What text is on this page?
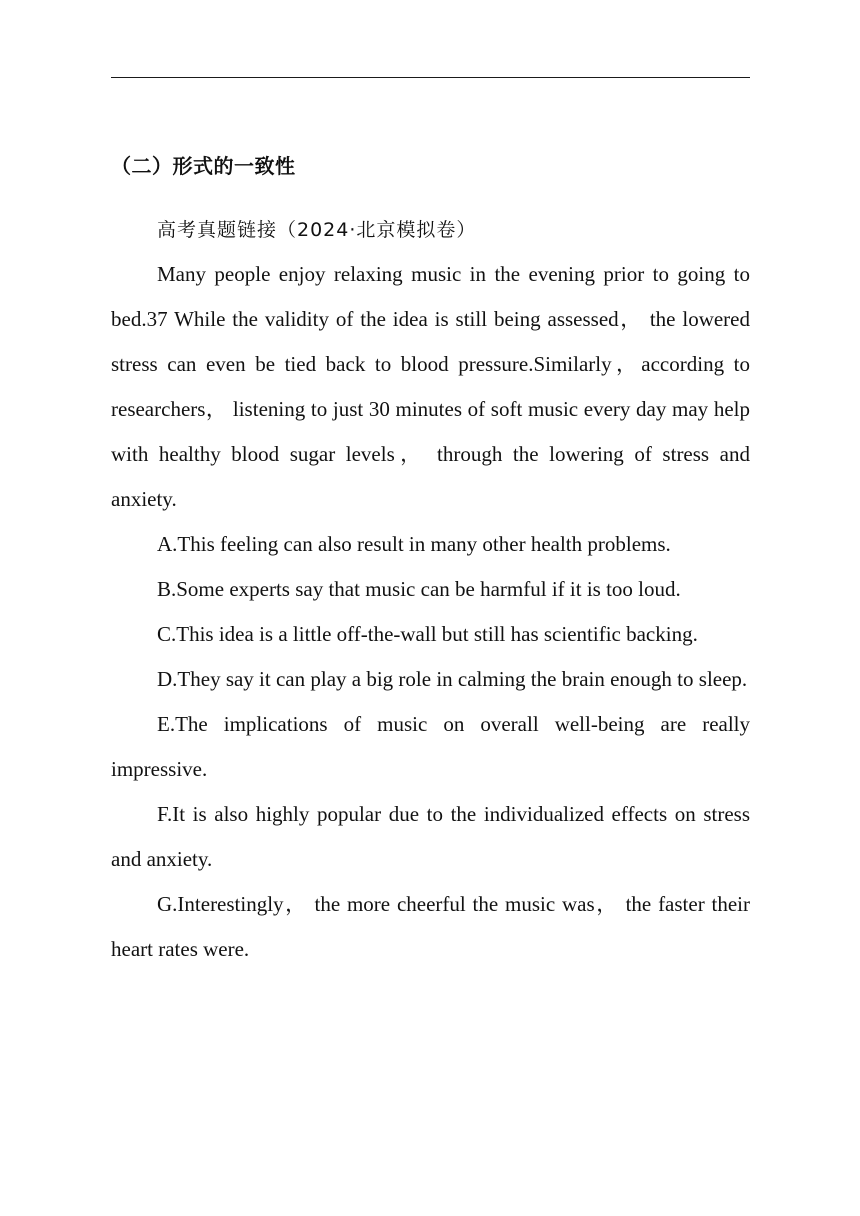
（二）形式的一致性
高考真题链接（2024·北京模拟卷）

Many people enjoy relaxing music in the evening prior to going to bed.37 While the validity of the idea is still being assessed， the lowered stress can even be tied back to blood pressure.Similarly，according to researchers， listening to just 30 minutes of soft music every day may help with healthy blood sugar levels， through the lowering of stress and anxiety.

A.This feeling can also result in many other health problems.

B.Some experts say that music can be harmful if it is too loud.

C.This idea is a little off-the-wall but still has scientific backing.

D.They say it can play a big role in calming the brain enough to sleep.

E.The implications of music on overall well-being are really impressive.

F.It is also highly popular due to the individualized effects on stress and anxiety.

G.Interestingly， the more cheerful the music was， the faster their heart rates were.
